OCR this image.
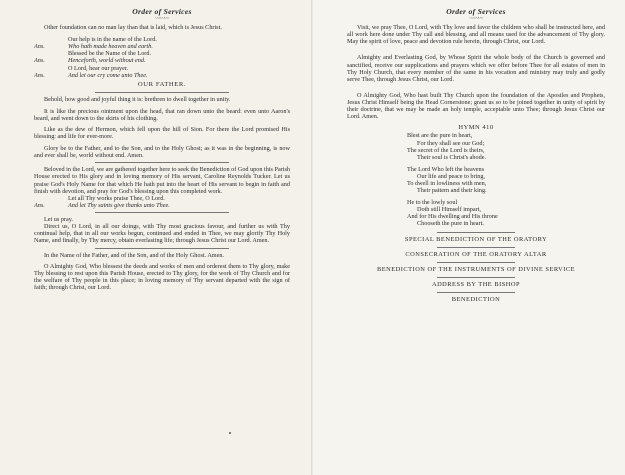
Order of Services
〰〰〰

Other foundation can no man lay than that is laid, which is Jesus Christ.

Our help is in the name of the Lord.
Ans.	Who hath made heaven and earth.
Blessed be the Name of the Lord.
Ans.	Henceforth, world without end.
O Lord, hear our prayer.
Ans.	And let our cry come unto Thee.
OUR FATHER.

Behold, how good and joyful thing it is: brethren to dwell together in unity.

It is like the precious ointment upon the head, that ran down unto the beard: even unto Aaron's beard, and went down to the skirts of his clothing.

Like as the dew of Hermon, which fell upon the hill of Sion. For there the Lord promised His blessing: and life for ever-more.

Glory be to the Father, and to the Son, and to the Holy Ghost; as it was in the beginning, is now and ever shall be, world without end. Amen.

Beloved in the Lord, we are gathered together here to seek the Benediction of God upon this Parish House erected to His glory and in loving memory of His servant, Caroline Reynolds Tucker. Let us praise God's Holy Name for that which He hath put into the heart of His servant to begin in faith and finish with devotion, and pray for God's blessing upon this completed work.

Let all Thy works praise Thee, O Lord.
Ans.	And let Thy saints give thanks unto Thee.

Let us pray.

Direct us, O Lord, in all our doings, with Thy most gracious favour, and further us with Thy continual help, that in all our works begun, continued and ended in Thee, we may glorify Thy Holy Name, and finally, by Thy mercy, obtain everlasting life; through Jesus Christ our Lord. Amen.

In the Name of the Father, and of the Son, and of the Holy Ghost. Amen.

O Almighty God, Who blessest the deeds and works of men and orderest them to Thy glory, make Thy blessing to rest upon this Parish House, erected to Thy glory, for the work of Thy Church and for the welfare of Thy people in this place; in loving memory of Thy servant departed with the sign of faith; through Christ, our Lord.

Order of Services
〰〰〰

Visit, we pray Thee, O Lord, with Thy love and favor the children who shall be instructed here, and all work here done under Thy call and blessing, and all means used for the advancement of Thy glory. May the spirit of love, peace and devotion rule herein, through Christ, our Lord.

Almighty and Everlasting God, by Whose Spirit the whole body of the Church is governed and sanctified, receive our supplications and prayers which we offer before Thee for all estates of men in Thy Holy Church, that every member of the same in his vocation and ministry may truly and godly serve Thee, through Jesus Christ, our Lord.

O Almighty God, Who hast built Thy Church upon the foundation of the Apostles and Prophets, Jesus Christ Himself being the Head Cornerstone; grant us so to be joined together in unity of spirit by their doctrine, that we may be made an holy temple, acceptable unto Thee; through Jesus Christ our Lord. Amen.

HYMN 410
Blest are the pure in heart,
For they shall see our God;
The secret of the Lord is theirs,
Their soul is Christ's abode.
The Lord Who left the heavens
Our life and peace to bring,
To dwell in lowliness with men,
Their pattern and their king.
He to the lowly soul
Doth still Himself impart,
And for His dwelling and His throne
Chooseth the pure in heart.
SPECIAL BENEDICTION OF THE ORATORY
CONSECRATION OF THE ORATORY ALTAR
BENEDICTION OF THE INSTRUMENTS OF DIVINE SERVICE
ADDRESS BY THE BISHOP
BENEDICTION
